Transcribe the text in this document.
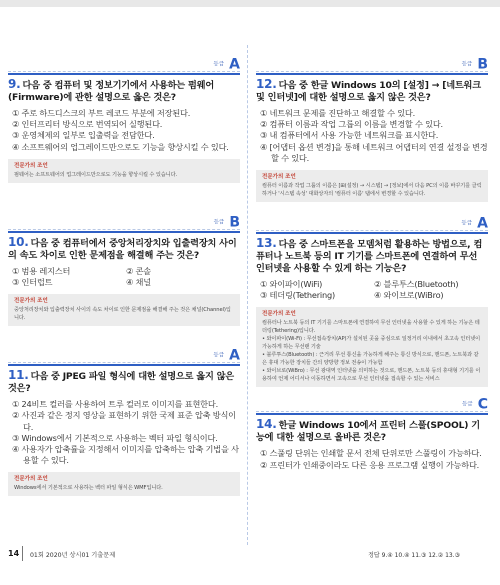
등급 A
9. 다음 중 컴퓨터 및 정보기기에서 사용하는 펌웨어(Firmware)에 관한 설명으로 옳은 것은?
① 주로 하드디스크의 부트 레코드 부분에 저장된다.
② 인터프리터 방식으로 번역되어 실행된다.
③ 운영체제의 일부로 입출력을 전담한다.
④ 소프트웨어의 업그레이드만으로도 기능을 향상시킬 수 있다.
전문가의 조언
펌웨어는 소프트웨어의 업그레이드만으로도 기능을 향상시킬 수 있습니다.
등급 B
10. 다음 중 컴퓨터에서 중앙처리장치와 입출력장치 사이의 속도 차이로 인한 문제점을 해결해 주는 것은?
① 범용 레지스터	② 콘솔
③ 인터럽트	④ 채널
전문가의 조언
중앙처리장치와 입출력장치 사이의 속도 차이로 인한 문제점을 해결해 주는 것은 채널(Channel)입니다.
등급 A
11. 다음 중 JPEG 파일 형식에 대한 설명으로 옳지 않은 것은?
① 24비트 컬러를 사용하여 트루 컬러로 이미지를 표현한다.
② 사진과 같은 정지 영상을 표현하기 위한 국제 표준 압축 방식이다.
③ Windows에서 기본적으로 사용하는 벡터 파일 형식이다.
④ 사용자가 압축률을 지정해서 이미지를 압축하는 압축 기법을 사용할 수 있다.
전문가의 조언
Windows에서 기본적으로 사용하는 벡터 파일 형식은 WMF입니다.
등급 B
12. 다음 중 한글 Windows 10의 [설정] → [네트워크 및 인터넷]에 대한 설명으로 옳지 않은 것은?
① 네트워크 문제를 진단하고 해결할 수 있다.
② 컴퓨터 이름과 작업 그룹의 이름을 변경할 수 있다.
③ 내 컴퓨터에서 사용 가능한 네트워크를 표시한다.
④ [어댑터 옵션 변경]을 통해 네트워크 어댑터의 연결 설정을 변경할 수 있다.
전문가의 조언
컴퓨터 이름과 작업 그룹의 이름은 [⊞(설정) → 시스템] → [정보]에서 다음 PC의 이름 바꾸기를 클릭하거나 '시스템 속성' 대화상자의 '컴퓨터 이름' 탭에서 변경할 수 있습니다.
등급 A
13. 다음 중 스마트폰을 모뎀처럼 활용하는 방법으로, 컴퓨터나 노트북 등의 IT 기기를 스마트폰에 연결하여 무선 인터넷을 사용할 수 있게 하는 기능은?
① 와이파이(WiFi)	② 블루투스(Bluetooth)
③ 테더링(Tethering)	④ 와이브로(WiBro)
전문가의 조언
컴퓨터나 노트북 등의 IT 기기를 스마트폰에 연결하여 무선 인터넷을 사용할 수 있게 하는 기능은 테더링(Tethering)입니다.
• 와이파이(Wi-Fi) : 무선접속장치(AP)가 설치된 곳을 중심으로 일정거리 이내에서 초고속 인터넷이 가능하게 하는 무선랜 기술
• 블루투스(Bluetooth) : 근거리 무선 통신을 가능하게 해주는 통신 방식으로, 핸드폰, 노트북과 같은 휴대 가능한 장치들 간의 양방향 정보 전송이 가능함
• 와이브로(WiBro) : 무선 광대역 인터넷을 의미하는 것으로, 핸드폰, 노트북 등의 휴대형 기기를 이용하여 언제 어디서나 이동하면서 고속으로 무선 인터넷을 접속할 수 있는 서비스
등급 C
14. 한글 Windows 10에서 프린터 스풀(SPOOL) 기능에 대한 설명으로 올바른 것은?
① 스풀링 단위는 인쇄할 문서 전체 단위로만 스풀링이 가능하다.
② 프린터가 인쇄중이라도 다른 응용 프로그램 실행이 가능하다.
14 01회 2020년 상시01 기출문제	정답 9.④ 10.④ 11.③ 12.② 13.③
